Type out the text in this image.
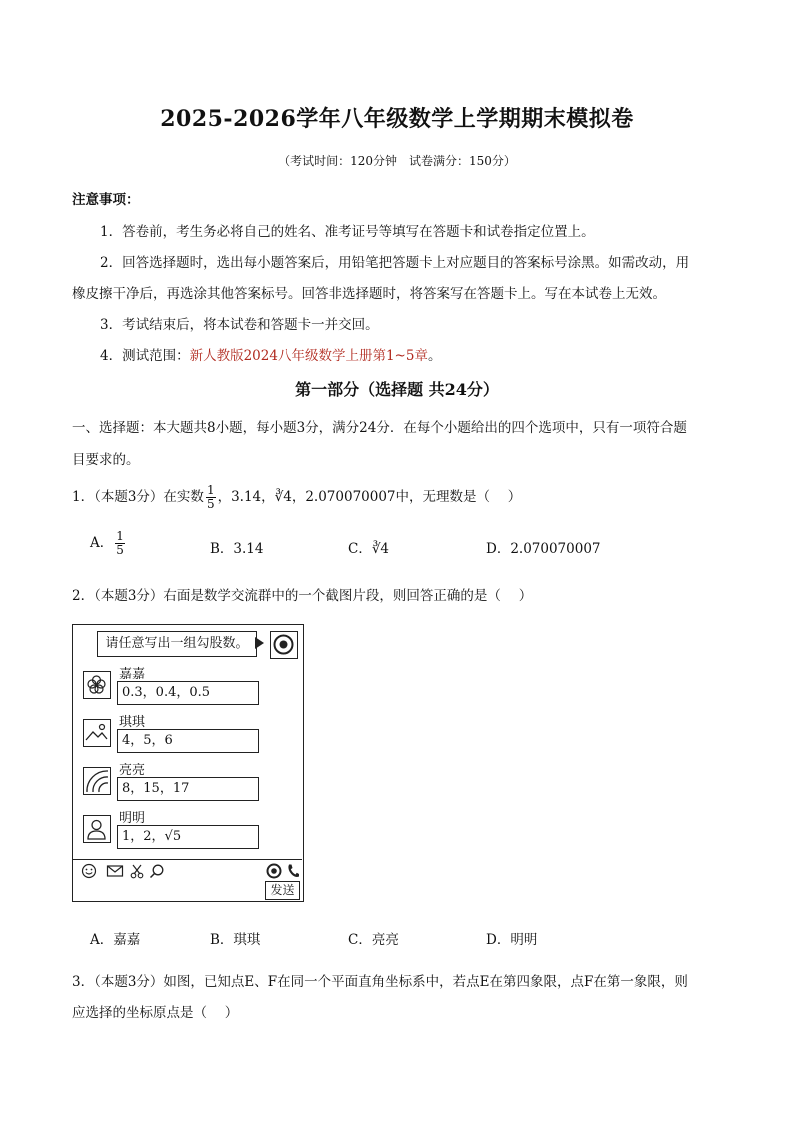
2025-2026学年八年级数学上学期期末模拟卷
（考试时间：120分钟　试卷满分：150分）
注意事项：
1．答卷前，考生务必将自己的姓名、准考证号等填写在答题卡和试卷指定位置上。
2．回答选择题时，选出每小题答案后，用铅笔把答题卡上对应题目的答案标号涂黑。如需改动，用
橡皮擦干净后，再选涂其他答案标号。回答非选择题时，将答案写在答题卡上。写在本试卷上无效。
3．考试结束后，将本试卷和答题卡一并交回。
4．测试范围：新人教版2024八年级数学上册第1~5章。
第一部分（选择题 共24分）
一、选择题：本大题共8小题，每小题3分，满分24分．在每个小题给出的四个选项中，只有一项符合题
目要求的。
1．（本题3分）在实数 $\frac{1}{5}$ ，3.14，∛4，2.070070007中，无理数是（　 ）
A． $\frac{1}{5}$	B．3.14	C．∛4	D．2.070070007
2．（本题3分）右面是数学交流群中的一个截图片段，则回答正确的是（　 ）
请任意写出一组勾股数。
嘉嘉
0.3，0.4，0.5
琪琪
4，5，6
亮亮
8，15，17
明明
1，2，√5
发送
A．嘉嘉	B．琪琪	C．亮亮	D．明明
3．（本题3分）如图，已知点E、F在同一个平面直角坐标系中，若点E在第四象限，点F在第一象限，则
应选择的坐标原点是（　 ）
